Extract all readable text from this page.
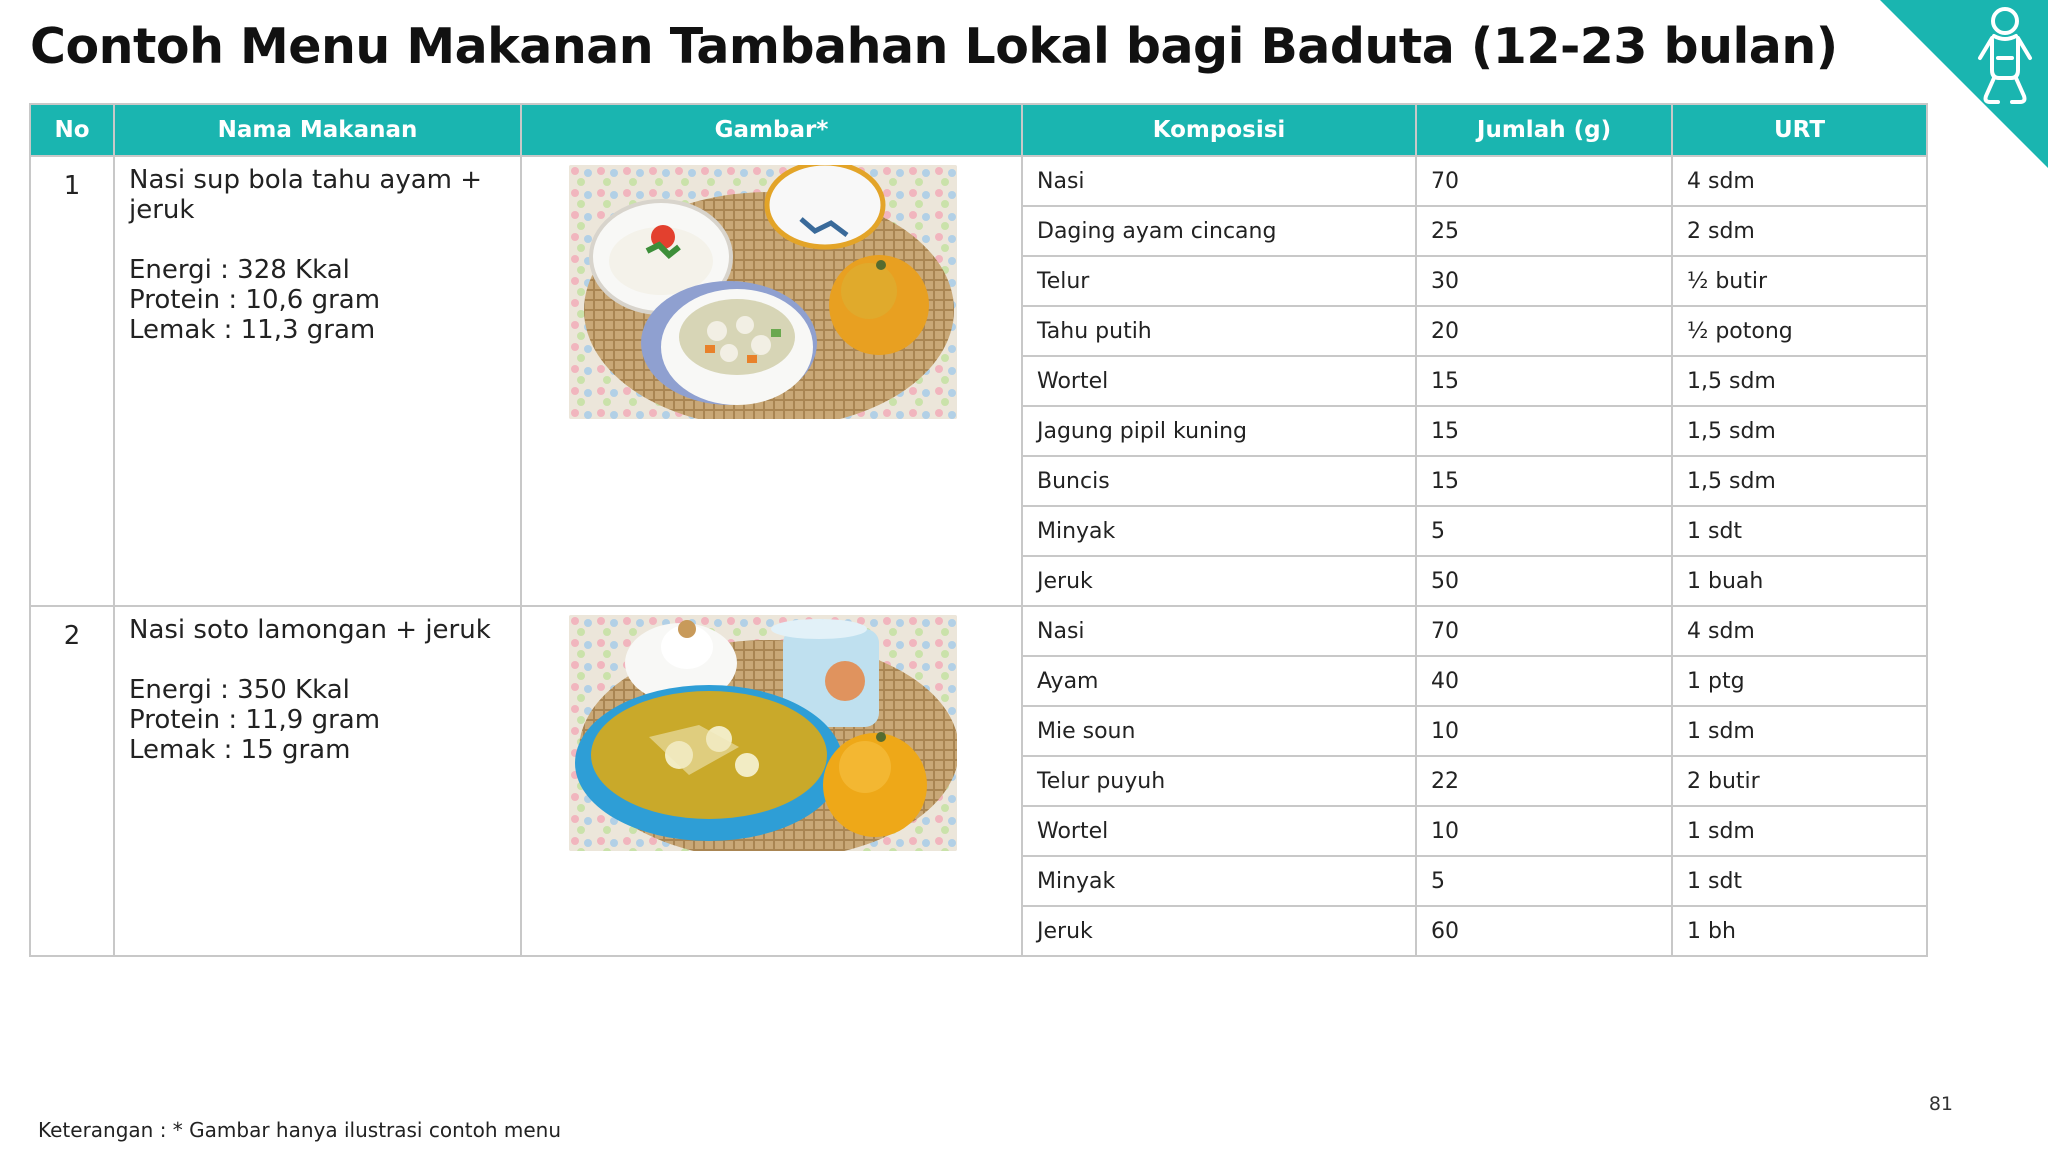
Contoh Menu Makanan Tambahan Lokal bagi Baduta (12-23 bulan)
No	Nama Makanan	Gambar*	Komposisi	Jumlah (g)	URT
1	Nasi sup bola tahu ayam + jeruk
Energi : 328 Kkal
Protein : 10,6 gram
Lemak : 11,3 gram		Nasi	70	4 sdm
			Daging ayam cincang	25	2 sdm
			Telur	30	½ butir
			Tahu putih	20	½ potong
			Wortel	15	1,5 sdm
			Jagung pipil kuning	15	1,5 sdm
			Buncis	15	1,5 sdm
			Minyak	5	1 sdt
			Jeruk	50	1 buah
2	Nasi soto lamongan + jeruk
Energi : 350 Kkal
Protein : 11,9 gram
Lemak : 15 gram		Nasi	70	4 sdm
			Ayam	40	1 ptg
			Mie soun	10	1 sdm
			Telur puyuh	22	2 butir
			Wortel	10	1 sdm
			Minyak	5	1 sdt
			Jeruk	60	1 bh
81
Keterangan : * Gambar hanya ilustrasi contoh menu
